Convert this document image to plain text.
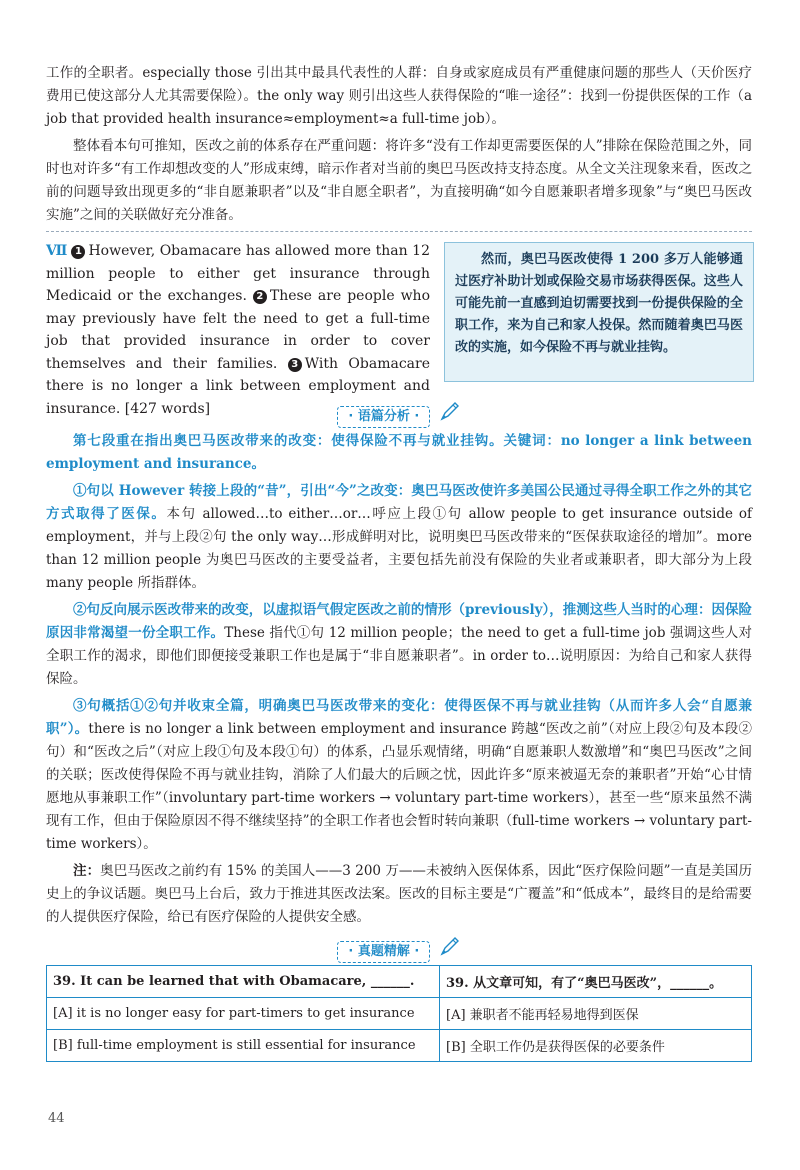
工作的全职者。especially those 引出其中最具代表性的人群：自身或家庭成员有严重健康问题的那些人（天价医疗费用已使这部分人尤其需要保险）。the only way 则引出这些人获得保险的“唯一途径”：找到一份提供医保的工作（a job that provided health insurance≈employment≈a full-time job）。

整体看本句可推知，医改之前的体系存在严重问题：将许多“没有工作却更需要医保的人”排除在保险范围之外，同时也对许多“有工作却想改变的人”形成束缚，暗示作者对当前的奥巴马医改持支持态度。从全文关注现象来看，医改之前的问题导致出现更多的“非自愿兼职者”以及“非自愿全职者”，为直接明确“如今自愿兼职者增多现象”与“奥巴马医改实施”之间的关联做好充分准备。

Ⅶ 1 However, Obamacare has allowed more than 12 million people to either get insurance through Medicaid or the exchanges. 2 These are people who may previously have felt the need to get a full-time job that provided insurance in order to cover themselves and their families. 3 With Obamacare there is no longer a link between employment and insurance. [427 words]

然而，奥巴马医改使得 1 200 多万人能够通过医疗补助计划或保险交易市场获得医保。这些人可能先前一直感到迫切需要找到一份提供保险的全职工作，来为自己和家人投保。然而随着奥巴马医改的实施，如今保险不再与就业挂钩。

· 语篇分析 ·

第七段重在指出奥巴马医改带来的改变：使得保险不再与就业挂钩。关键词：no longer a link between employment and insurance。

①句以 However 转接上段的“昔”，引出“今”之改变：奥巴马医改使许多美国公民通过寻得全职工作之外的其它方式取得了医保。本句 allowed…to either…or…呼应上段①句 allow people to get insurance outside of employment，并与上段②句 the only way…形成鲜明对比，说明奥巴马医改带来的“医保获取途径的增加”。more than 12 million people 为奥巴马医改的主要受益者，主要包括先前没有保险的失业者或兼职者，即大部分为上段 many people 所指群体。

②句反向展示医改带来的改变，以虚拟语气假定医改之前的情形（previously），推测这些人当时的心理：因保险原因非常渴望一份全职工作。These 指代①句 12 million people；the need to get a full-time job 强调这些人对全职工作的渴求，即他们即便接受兼职工作也是属于“非自愿兼职者”。in order to…说明原因：为给自己和家人获得保险。

③句概括①②句并收束全篇，明确奥巴马医改带来的变化：使得医保不再与就业挂钩（从而许多人会“自愿兼职”）。there is no longer a link between employment and insurance 跨越“医改之前”（对应上段②句及本段②句）和“医改之后”（对应上段①句及本段①句）的体系，凸显乐观情绪，明确“自愿兼职人数激增”和“奥巴马医改”之间的关联；医改使得保险不再与就业挂钩，消除了人们最大的后顾之忧，因此许多“原来被逼无奈的兼职者”开始“心甘情愿地从事兼职工作”（involuntary part-time workers → voluntary part-time workers），甚至一些“原来虽然不满现有工作，但由于保险原因不得不继续坚持”的全职工作者也会暂时转向兼职（full-time workers → voluntary part-time workers）。

注：奥巴马医改之前约有 15% 的美国人——3 200 万——未被纳入医保体系，因此“医疗保险问题”一直是美国历史上的争议话题。奥巴马上台后，致力于推进其医改法案。医改的目标主要是“广覆盖”和“低成本”，最终目的是给需要的人提供医疗保险，给已有医疗保险的人提供安全感。

· 真题精解 ·
39. It can be learned that with Obamacare, ______.	39. 从文章可知，有了“奥巴马医改”，______。
[A] it is no longer easy for part-timers to get insurance	[A] 兼职者不能再轻易地得到医保
[B] full-time employment is still essential for insurance	[B] 全职工作仍是获得医保的必要条件
44
